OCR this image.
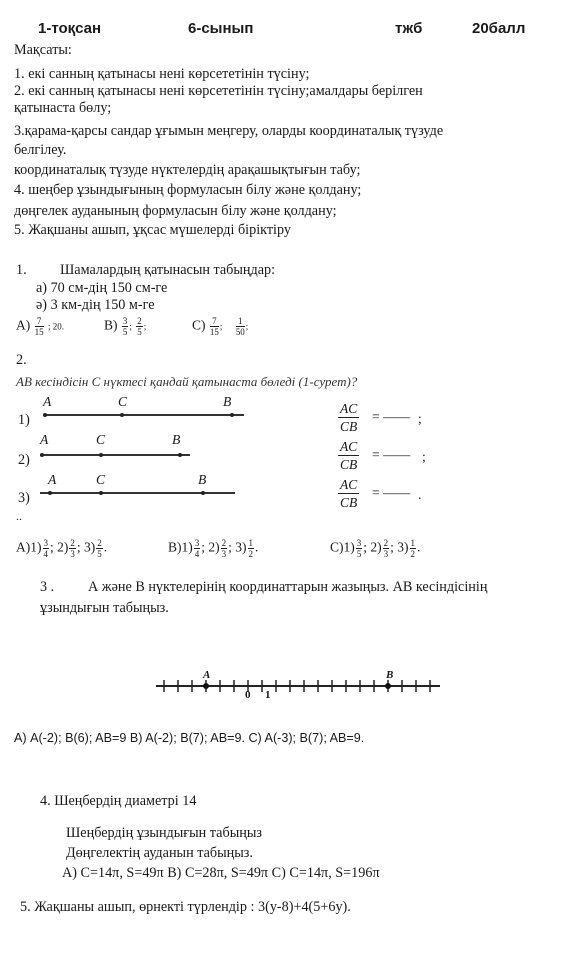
1-тоқсан	6-сынып	тжб	20балл
Мақсаты:
1. екі санның қатынасы нені көрсететінін түсіну;
2. екі санның қатынасы нені көрсететінін түсіну;амалдары берілген
қатынаста бөлу;
3.қарама-қарсы сандар ұғымын меңгеру, оларды координаталық түзуде
белгілеу.
координаталық түзуде нүктелердің арақашықтығын табу;
4. шеңбер ұзындығының формуласын білу және қолдану;
дөңгелек ауданының формуласын білу және қолдану;
5. Жақшаны ашып, ұқсас мүшелерді біріктіру
1. Шамалардың қатынасын табыңдар:
а) 70 см-дің 150 см-ге
ә) 3 км-дің 150 м-ге
$А) \frac{7}{15}$ ; 20.	$В) \frac{3}{5}$ ; $\frac{2}{5}$ ;	$С) \frac{7}{15}$ ; $\frac{1}{50}$ ;
2.
AB кесіндісін C нүктесі қандай қатынаста бөледі (1-сурет)?
1)
A	C	B
2)
A	C	B
3)
A	C	B
..
$\frac{AC}{CB}$ = —— ;
$\frac{AC}{CB}$ = —— ;
$\frac{AC}{CB}$ = —— .
$А)1) \frac{3}{4}$ ; $2) \frac{2}{3}$ ; $3) \frac{2}{5}$ .	$В)1) \frac{3}{4}$ ; $2) \frac{2}{3}$ ; $3) \frac{1}{2}$ .	$С)1) \frac{3}{5}$ ; $2) \frac{2}{3}$ ; $3) \frac{1}{2}$ .
3 . А және В нүктелерінің координаттарын жазыңыз. АВ кесіндісінің
ұзындығын табыңыз.
A	B
0 1
А) A(-2); B(6); AB=9 В) A(-2); B(7); AB=9. С) A(-3); B(7); AB=9.
4. Шеңбердің диаметрі 14
Шеңбердің ұзындығын табыңыз
Дөңгелектің ауданын табыңыз.
А) C=14π, S=49π В) C=28π, S=49π С) C=14π, S=196π
5. Жақшаны ашып, өрнекті түрлендір : 3(y-8)+4(5+6y).
